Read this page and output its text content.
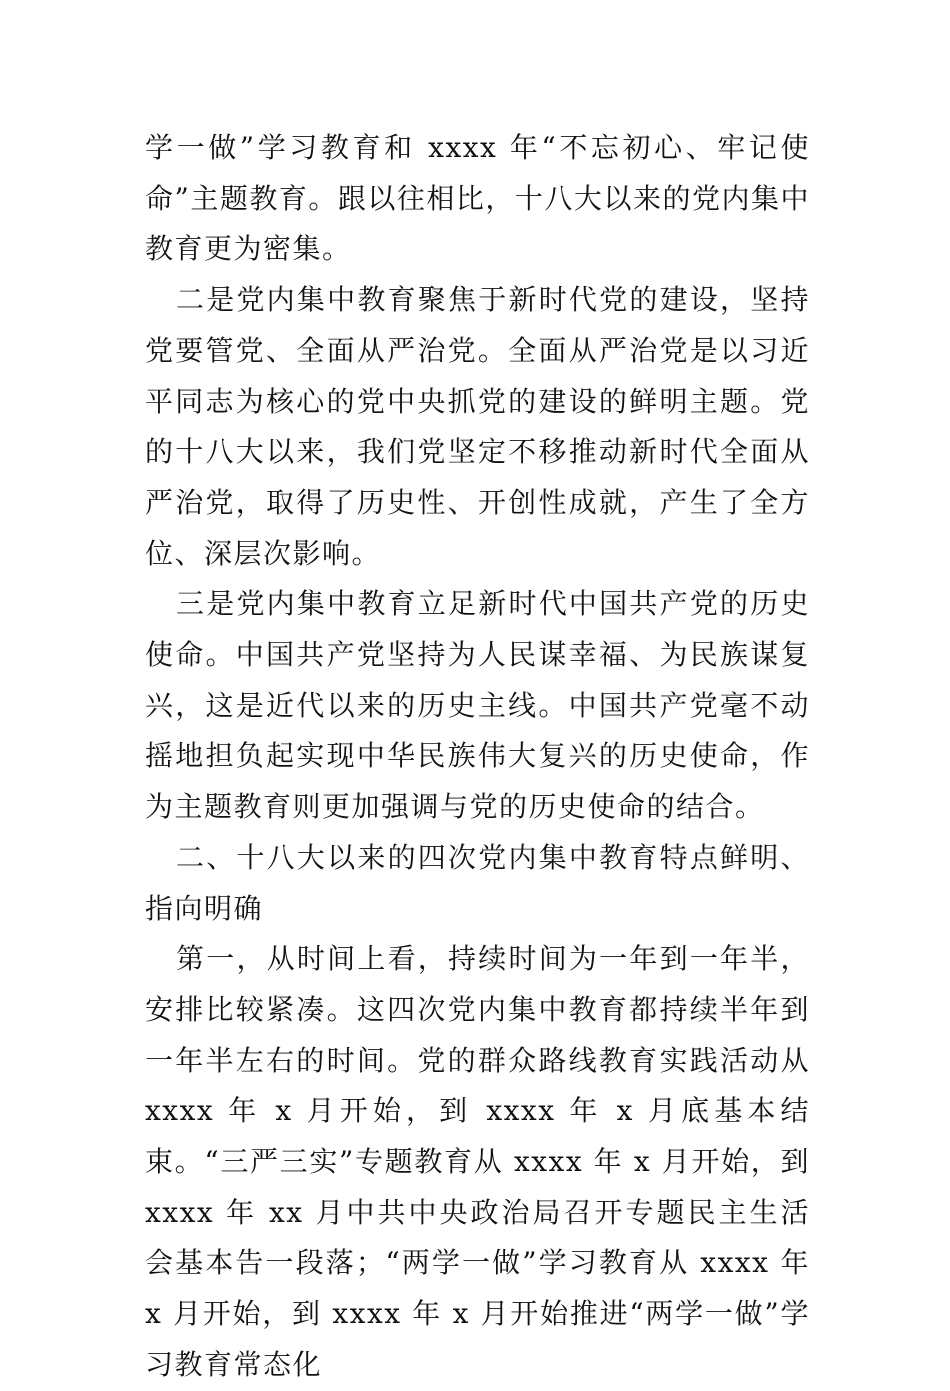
学一做”学习教育和 xxxx 年“不忘初心、牢记使命”主题教育。跟以往相比，十八大以来的党内集中教育更为密集。

二是党内集中教育聚焦于新时代党的建设，坚持党要管党、全面从严治党。全面从严治党是以习近平同志为核心的党中央抓党的建设的鲜明主题。党的十八大以来，我们党坚定不移推动新时代全面从严治党，取得了历史性、开创性成就，产生了全方位、深层次影响。

三是党内集中教育立足新时代中国共产党的历史使命。中国共产党坚持为人民谋幸福、为民族谋复兴，这是近代以来的历史主线。中国共产党毫不动摇地担负起实现中华民族伟大复兴的历史使命，作为主题教育则更加强调与党的历史使命的结合。

二、十八大以来的四次党内集中教育特点鲜明、指向明确

第一，从时间上看，持续时间为一年到一年半，安排比较紧凑。这四次党内集中教育都持续半年到一年半左右的时间。党的群众路线教育实践活动从 xxxx 年 x 月开始，到 xxxx 年 x 月底基本结束。“三严三实”专题教育从 xxxx 年 x 月开始，到 xxxx 年 xx 月中共中央政治局召开专题民主生活会基本告一段落；“两学一做”学习教育从 xxxx 年 x 月开始，到 xxxx 年 x 月开始推进“两学一做”学习教育常态化
